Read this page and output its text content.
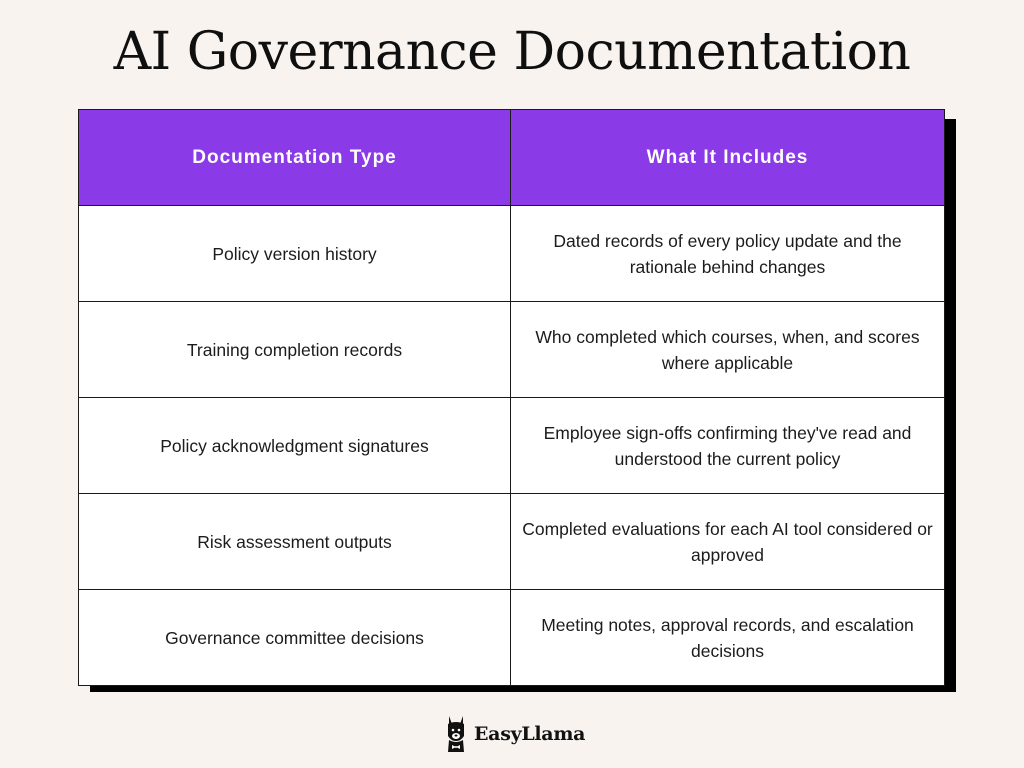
AI Governance Documentation
Documentation Type	What It Includes
Policy version history	Dated records of every policy update and the rationale behind changes
Training completion records	Who completed which courses, when, and scores where applicable
Policy acknowledgment signatures	Employee sign-offs confirming they've read and understood the current policy
Risk assessment outputs	Completed evaluations for each AI tool considered or approved
Governance committee decisions	Meeting notes, approval records, and escalation decisions
EasyLlama
